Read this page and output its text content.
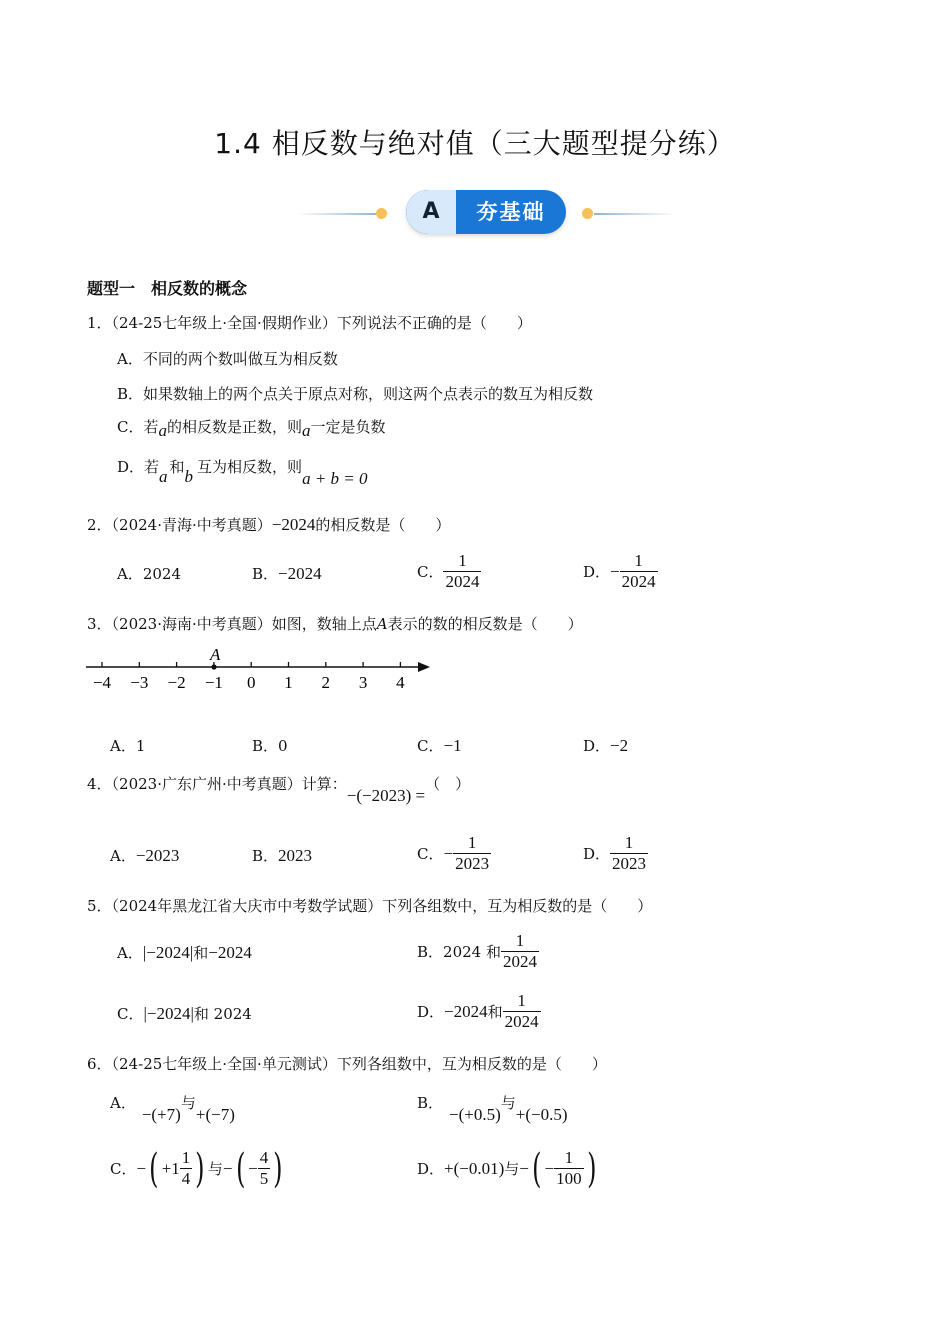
1.4 相反数与绝对值（三大题型提分练）
A	夯基础
题型一　相反数的概念
1．（24-25七年级上·全国·假期作业）下列说法不正确的是（　　）
A．不同的两个数叫做互为相反数
B．如果数轴上的两个点关于原点对称，则这两个点表示的数互为相反数
C．若a的相反数是正数，则a一定是负数
D．若a 和b 互为相反数，则a + b = 0
2．（2024·青海·中考真题）−2024的相反数是（　　）
A．2024	B．−2024	C． $\frac{1}{2024}$	D．− $\frac{1}{2024}$
3．（2023·海南·中考真题）如图，数轴上点A表示的数的相反数是（　　）
−4 −3 −2 −1 0 1 2 3 4
A
A．1	B．0	C．−1	D．−2
4．（2023·广东广州·中考真题）计算：−(−2023) =（　）
A．−2023	B．2023	C．− $\frac{1}{2023}$	D． $\frac{1}{2023}$
5．（2024年黑龙江省大庆市中考数学试题）下列各组数中，互为相反数的是（　　）
A．|−2024|和−2024	B．2024 和 $\frac{1}{2024}$
C．|−2024|和 2024	D．−2024和 $\frac{1}{2024}$
6．（24-25七年级上·全国·单元测试）下列各组数中，互为相反数的是（　　）
A．−(+7)与+(−7)
B．−(+0.5)与+(−0.5)
C．−( $+1 \frac{1}{4}$ ) 与−( − $\frac{4}{5}$ )	D．+(−0.01)与−( − $\frac{1}{100}$ )
